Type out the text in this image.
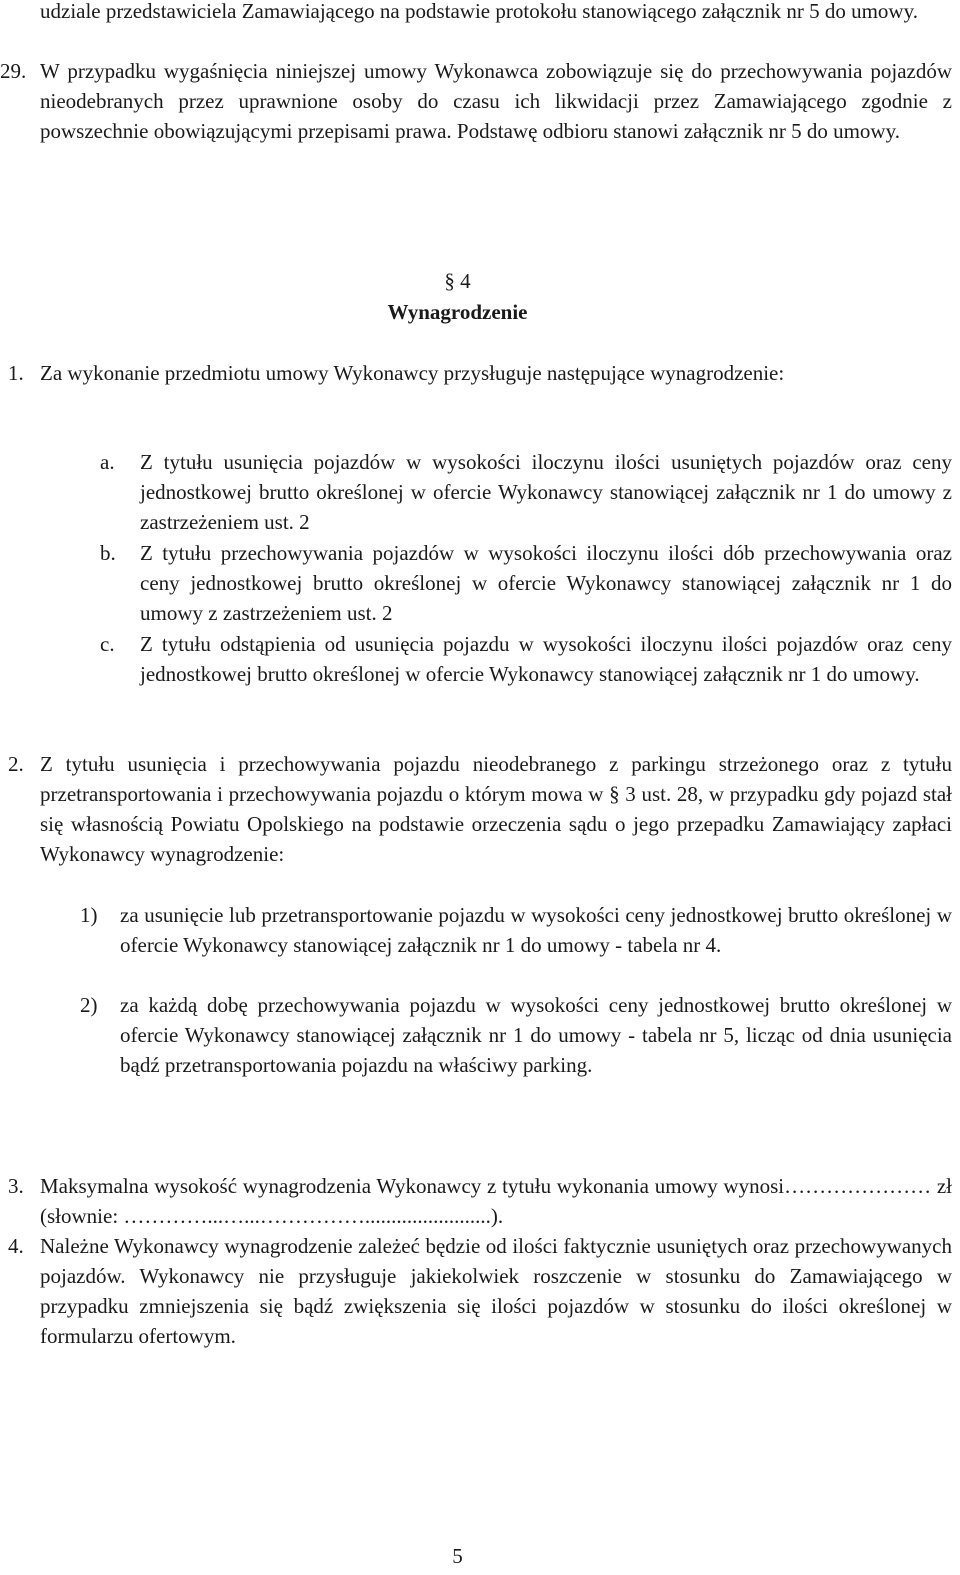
udziale przedstawiciela Zamawiającego na podstawie protokołu stanowiącego załącznik nr 5 do umowy.
29. W przypadku wygaśnięcia niniejszej umowy Wykonawca zobowiązuje się do przechowywania pojazdów nieodebranych przez uprawnione osoby do czasu ich likwidacji przez Zamawiającego zgodnie z powszechnie obowiązującymi przepisami prawa. Podstawę odbioru stanowi załącznik nr 5 do umowy.
§ 4
Wynagrodzenie
1. Za wykonanie przedmiotu umowy Wykonawcy przysługuje następujące wynagrodzenie:
a.	Z tytułu usunięcia pojazdów w wysokości iloczynu ilości usuniętych pojazdów oraz ceny jednostkowej brutto określonej w ofercie Wykonawcy stanowiącej załącznik nr 1 do umowy z zastrzeżeniem ust. 2
b.	Z tytułu przechowywania pojazdów w wysokości iloczynu ilości dób przechowywania oraz ceny jednostkowej brutto określonej w ofercie Wykonawcy stanowiącej załącznik nr 1 do umowy z zastrzeżeniem ust. 2
c.	Z tytułu odstąpienia od usunięcia pojazdu w wysokości iloczynu ilości pojazdów oraz ceny jednostkowej brutto określonej w ofercie Wykonawcy stanowiącej załącznik nr 1 do umowy.
2. Z tytułu usunięcia i przechowywania pojazdu nieodebranego z parkingu strzeżonego oraz z tytułu przetransportowania i przechowywania pojazdu o którym mowa w § 3 ust. 28, w przypadku gdy pojazd stał się własnością Powiatu Opolskiego na podstawie orzeczenia sądu o jego przepadku Zamawiający zapłaci Wykonawcy wynagrodzenie:
1)	za usunięcie lub przetransportowanie pojazdu w wysokości ceny jednostkowej brutto określonej w ofercie Wykonawcy stanowiącej załącznik nr 1 do umowy - tabela nr 4.
2)	za każdą dobę przechowywania pojazdu w wysokości ceny jednostkowej brutto określonej w ofercie Wykonawcy stanowiącej załącznik nr 1 do umowy - tabela nr 5, licząc od dnia usunięcia bądź przetransportowania pojazdu na właściwy parking.
3. Maksymalna wysokość wynagrodzenia Wykonawcy z tytułu wykonania umowy wynosi………………… zł (słownie: …………...…...……………........................).
4. Należne Wykonawcy wynagrodzenie zależeć będzie od ilości faktycznie usuniętych oraz przechowywanych pojazdów. Wykonawcy nie przysługuje jakiekolwiek roszczenie w stosunku do Zamawiającego w przypadku zmniejszenia się bądź zwiększenia się ilości pojazdów w stosunku do ilości określonej w formularzu ofertowym.
5
